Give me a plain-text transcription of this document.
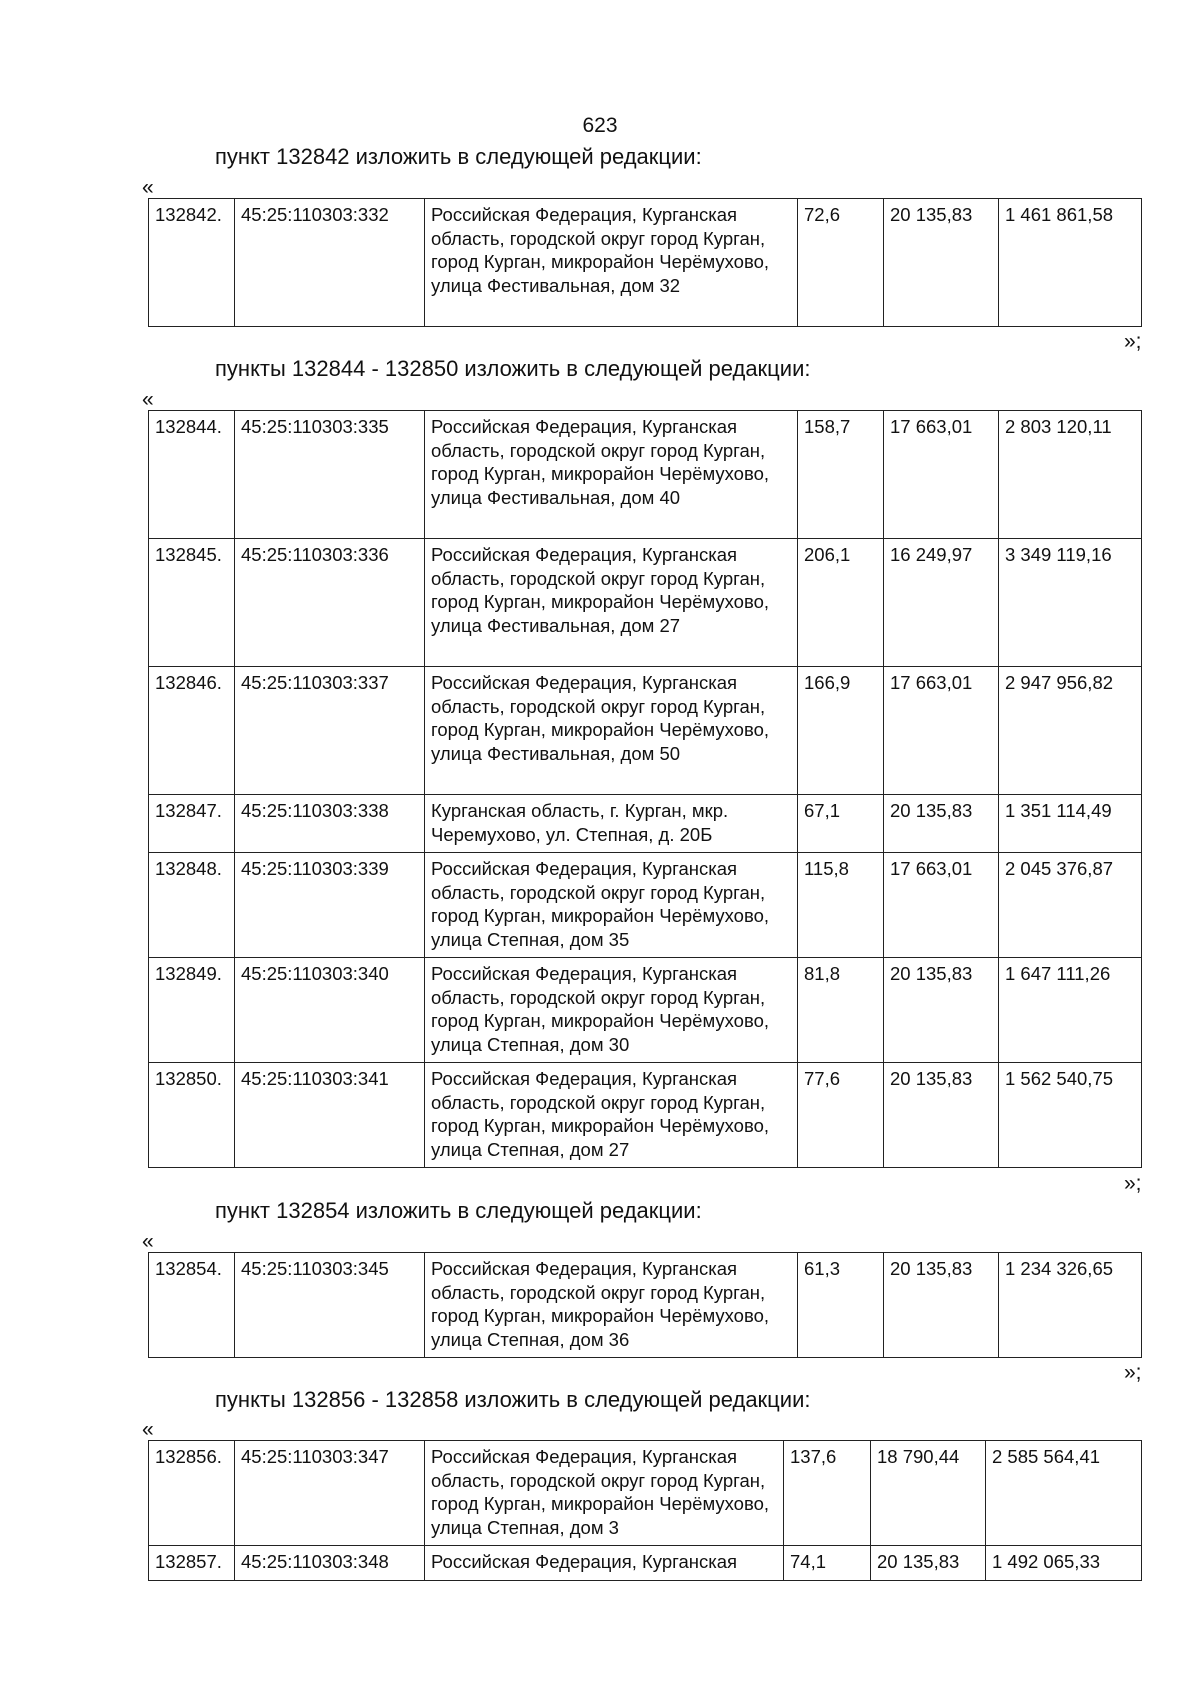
623
пункт 132842 изложить в следующей редакции:
«
132842.	45:25:110303:332	Российская Федерация, Курганская область, городской округ город Курган, город Курган, микрорайон Черёмухово, улица Фестивальная, дом 32	72,6	20 135,83	1 461 861,58
»;
пункты 132844 - 132850 изложить в следующей редакции:
«
132844.	45:25:110303:335	Российская Федерация, Курганская область, городской округ город Курган, город Курган, микрорайон Черёмухово, улица Фестивальная, дом 40	158,7	17 663,01	2 803 120,11
132845.	45:25:110303:336	Российская Федерация, Курганская область, городской округ город Курган, город Курган, микрорайон Черёмухово, улица Фестивальная, дом 27	206,1	16 249,97	3 349 119,16
132846.	45:25:110303:337	Российская Федерация, Курганская область, городской округ город Курган, город Курган, микрорайон Черёмухово, улица Фестивальная, дом 50	166,9	17 663,01	2 947 956,82
132847.	45:25:110303:338	Курганская область, г. Курган, мкр. Черемухово, ул. Степная, д. 20Б	67,1	20 135,83	1 351 114,49
132848.	45:25:110303:339	Российская Федерация, Курганская область, городской округ город Курган, город Курган, микрорайон Черёмухово, улица Степная, дом 35	115,8	17 663,01	2 045 376,87
132849.	45:25:110303:340	Российская Федерация, Курганская область, городской округ город Курган, город Курган, микрорайон Черёмухово, улица Степная, дом 30	81,8	20 135,83	1 647 111,26
132850.	45:25:110303:341	Российская Федерация, Курганская область, городской округ город Курган, город Курган, микрорайон Черёмухово, улица Степная, дом 27	77,6	20 135,83	1 562 540,75
»;
пункт 132854 изложить в следующей редакции:
«
132854.	45:25:110303:345	Российская Федерация, Курганская область, городской округ город Курган, город Курган, микрорайон Черёмухово, улица Степная, дом 36	61,3	20 135,83	1 234 326,65
»;
пункты 132856 - 132858 изложить в следующей редакции:
«
132856.	45:25:110303:347	Российская Федерация, Курганская область, городской округ город Курган, город Курган, микрорайон Черёмухово, улица Степная, дом 3	137,6	18 790,44	2 585 564,41
132857.	45:25:110303:348	Российская Федерация, Курганская	74,1	20 135,83	1 492 065,33
